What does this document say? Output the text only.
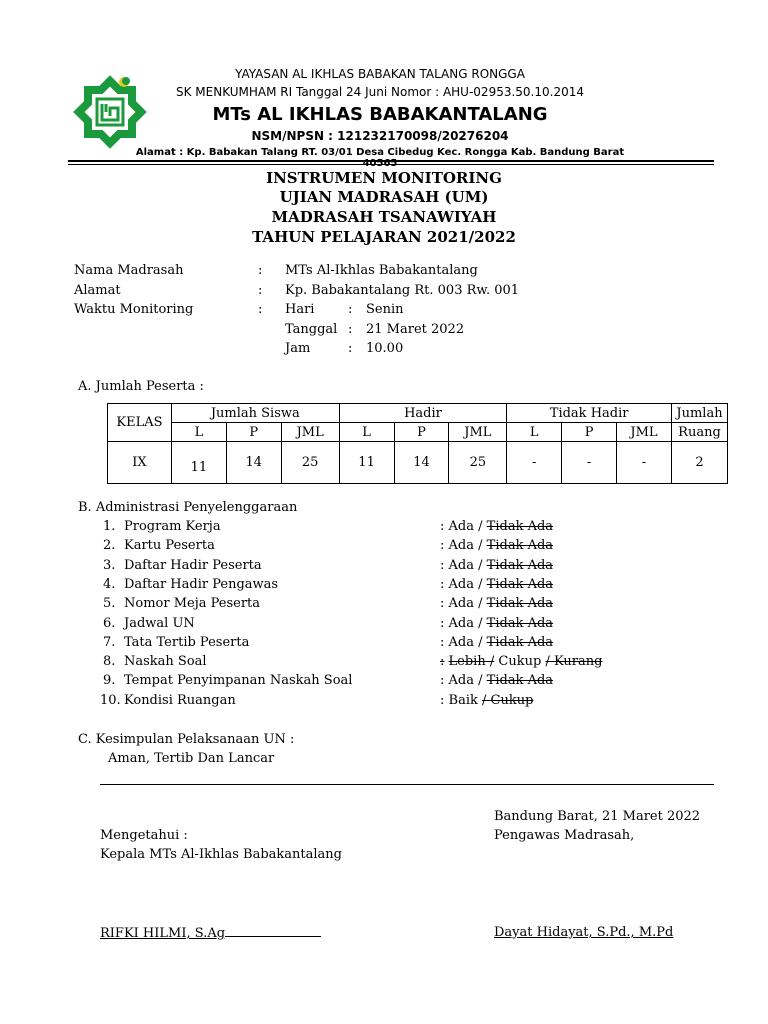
YAYASAN AL IKHLAS BABAKAN TALANG RONGGA
SK MENKUMHAM RI Tanggal 24 Juni Nomor : AHU-02953.50.10.2014
MTs AL IKHLAS BABAKANTALANG
NSM/NPSN : 121232170098/20276204
Alamat : Kp. Babakan Talang RT. 03/01 Desa Cibedug Kec. Rongga Kab. Bandung Barat 40565
INSTRUMEN MONITORING
UJIAN MADRASAH (UM)
MADRASAH TSANAWIYAH
TAHUN PELAJARAN 2021/2022
Nama Madrasah	: MTs Al-Ikhlas Babakantalang
Alamat	: Kp. Babakantalang Rt. 003 Rw. 001
Waktu Monitoring	: Hari	: Senin
Tanggal : 21 Maret 2022
Jam	: 10.00
A. Jumlah Peserta :
KELAS	Jumlah Siswa			Hadir			Tidak Hadir			Jumlah
	L	P	JML	L	P	JML	L	P	JML	Ruang
IX	11	14	25	11	14	25	-	-	-	2
B. Administrasi Penyelenggaraan
1. Program Kerja	: Ada / Tidak Ada
2. Kartu Peserta	: Ada / Tidak Ada
3. Daftar Hadir Peserta	: Ada / Tidak Ada
4. Daftar Hadir Pengawas	: Ada / Tidak Ada
5. Nomor Meja Peserta	: Ada / Tidak Ada
6. Jadwal UN	: Ada / Tidak Ada
7. Tata Tertib Peserta	: Ada / Tidak Ada
8. Naskah Soal	: Lebih / Cukup / Kurang
9. Tempat Penyimpanan Naskah Soal	: Ada / Tidak Ada
10. Kondisi Ruangan	: Baik / Cukup
C. Kesimpulan Pelaksanaan UN :
Aman, Tertib Dan Lancar
Bandung Barat, 21 Maret 2022
Mengetahui :	Pengawas Madrasah,
Kepala MTs Al-Ikhlas Babakantalang
RIFKI HILMI, S.Ag	Dayat Hidayat, S.Pd., M.Pd
